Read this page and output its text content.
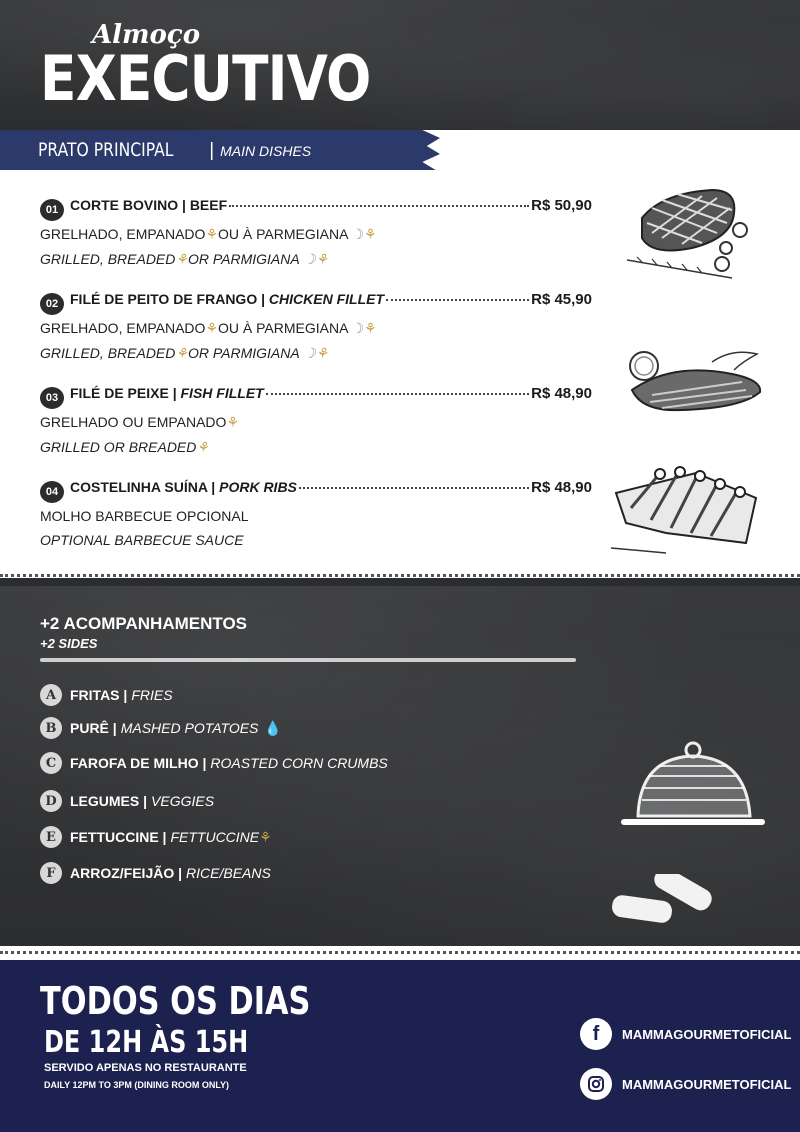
Almoço
EXECUTIVO
PRATO PRINCIPAL | MAIN DISHES
01 CORTE BOVINO | BEEF	R$ 50,90
GRELHADO, EMPANADO⚘OU À PARMEGIANA ☽⚘
GRILLED, BREADED⚘OR PARMIGIANA ☽⚘
02 FILÉ DE PEITO DE FRANGO | CHICKEN FILLET	R$ 45,90
GRELHADO, EMPANADO⚘OU À PARMEGIANA ☽⚘
GRILLED, BREADED⚘OR PARMIGIANA ☽⚘
03 FILÉ DE PEIXE | FISH FILLET	R$ 48,90
GRELHADO OU EMPANADO⚘
GRILLED OR BREADED⚘
04 COSTELINHA SUÍNA | PORK RIBS	R$ 48,90
MOLHO BARBECUE OPCIONAL
OPTIONAL BARBECUE SAUCE
+2 ACOMPANHAMENTOS
+2 SIDES
A FRITAS | FRIES
B PURÊ | MASHED POTATOES 💧
C FAROFA DE MILHO | ROASTED CORN CRUMBS
D LEGUMES | VEGGIES
E	FETTUCCINE | FETTUCCINE ⚘
F	ARROZ/FEIJÃO | RICE/BEANS
TODOS OS DIAS
DE 12H ÀS 15H
SERVIDO APENAS NO RESTAURANTE
DAILY 12PM TO 3PM (DINING ROOM ONLY)
f	MAMMAGOURMETOFICIAL
MAMMAGOURMETOFICIAL
